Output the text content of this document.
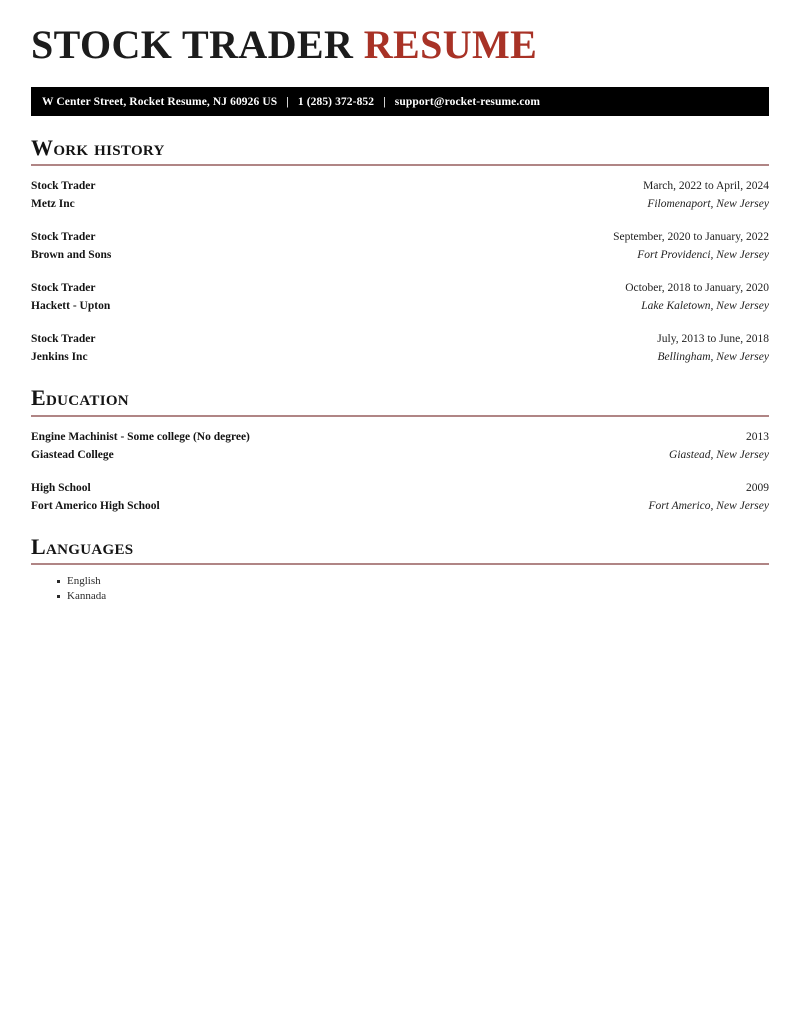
STOCK TRADER RESUME
W Center Street, Rocket Resume, NJ 60926 US | 1 (285) 372-852 | support@rocket-resume.com
Work history
Stock Trader	March, 2022 to April, 2024
Metz Inc	Filomenaport, New Jersey
Stock Trader	September, 2020 to January, 2022
Brown and Sons	Fort Providenci, New Jersey
Stock Trader	October, 2018 to January, 2020
Hackett - Upton	Lake Kaletown, New Jersey
Stock Trader	July, 2013 to June, 2018
Jenkins Inc	Bellingham, New Jersey
Education
Engine Machinist - Some college (No degree)	2013
Giastead College	Giastead, New Jersey
High School	2009
Fort Americo High School	Fort Americo, New Jersey
Languages
English
Kannada
